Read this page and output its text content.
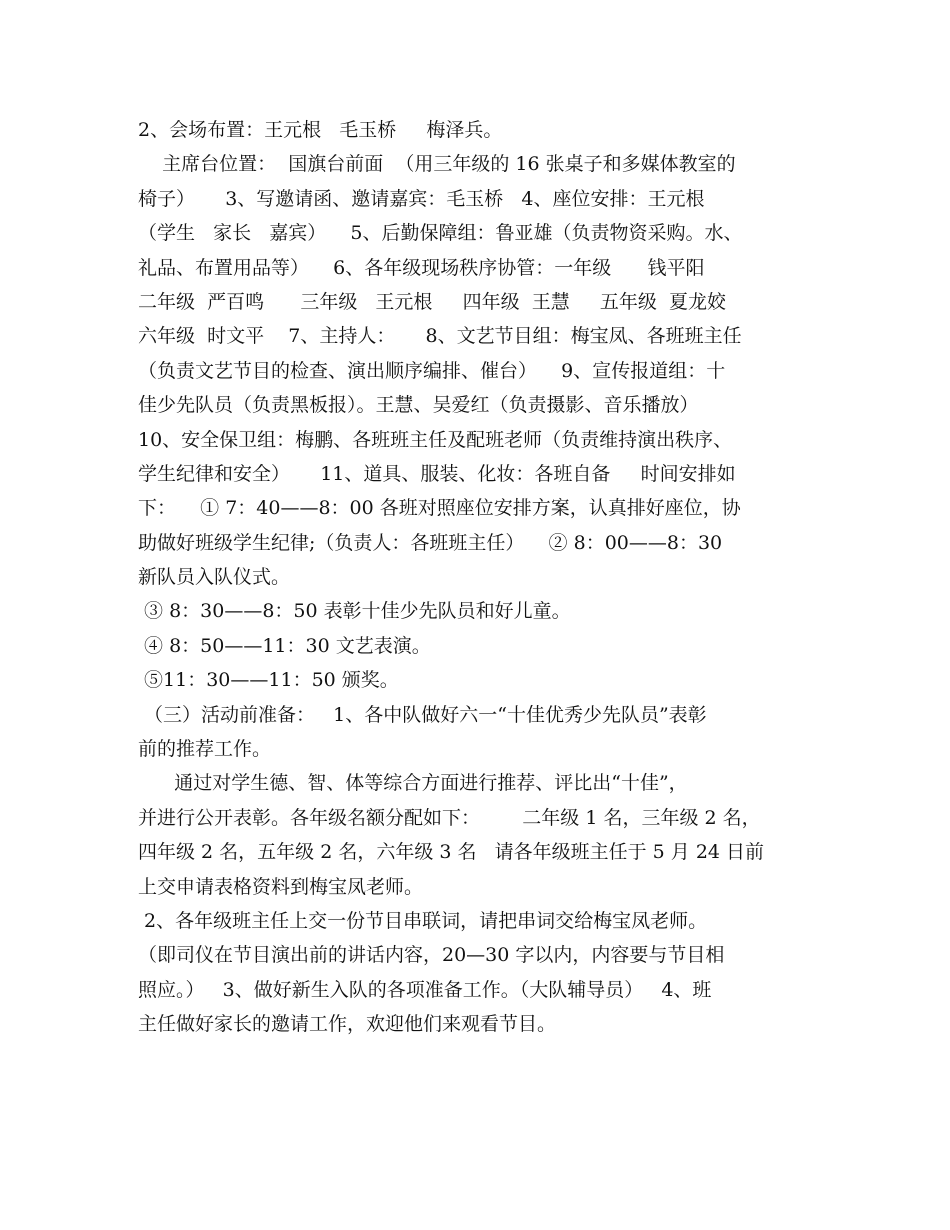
2、会场布置：王元根   毛玉桥     梅泽兵。
主席台位置：  国旗台前面  （用三年级的 16 张桌子和多媒体教室的
椅子）     3、写邀请函、邀请嘉宾：毛玉桥   4、座位安排：王元根
（学生   家长   嘉宾）    5、后勤保障组：鲁亚雄（负责物资采购。水、
礼品、布置用品等）    6、各年级现场秩序协管：一年级      钱平阳
二年级  严百鸣      三年级   王元根     四年级  王慧     五年级  夏龙姣
六年级  时文平    7、主持人：     8、文艺节目组：梅宝凤、各班班主任
（负责文艺节目的检查、演出顺序编排、催台）    9、宣传报道组：十
佳少先队员（负责黑板报）。王慧、吴爱红（负责摄影、音乐播放）
10、安全保卫组：梅鹏、各班班主任及配班老师（负责维持演出秩序、
学生纪律和安全）     11、道具、服装、化妆：各班自备     时间安排如
下：    ① 7：40——8：00 各班对照座位安排方案，认真排好座位，协
助做好班级学生纪律;（负责人：各班班主任）    ② 8：00——8：30
新队员入队仪式。
③ 8：30——8：50 表彰十佳少先队员和好儿童。
④ 8：50——11：30 文艺表演。
⑤11：30——11：50 颁奖。
（三）活动前准备：   1、各中队做好六一“十佳优秀少先队员”表彰
前的推荐工作。
通过对学生德、智、体等综合方面进行推荐、评比出“十佳”，
并进行公开表彰。各年级名额分配如下：       二年级 1 名，三年级 2 名，
四年级 2 名，五年级 2 名，六年级 3 名   请各年级班主任于 5 月 24 日前
上交申请表格资料到梅宝凤老师。
2、各年级班主任上交一份节目串联词，请把串词交给梅宝凤老师。
（即司仪在节目演出前的讲话内容，20—30 字以内，内容要与节目相
照应。）   3、做好新生入队的各项准备工作。（大队辅导员）   4、班
主任做好家长的邀请工作，欢迎他们来观看节目。
